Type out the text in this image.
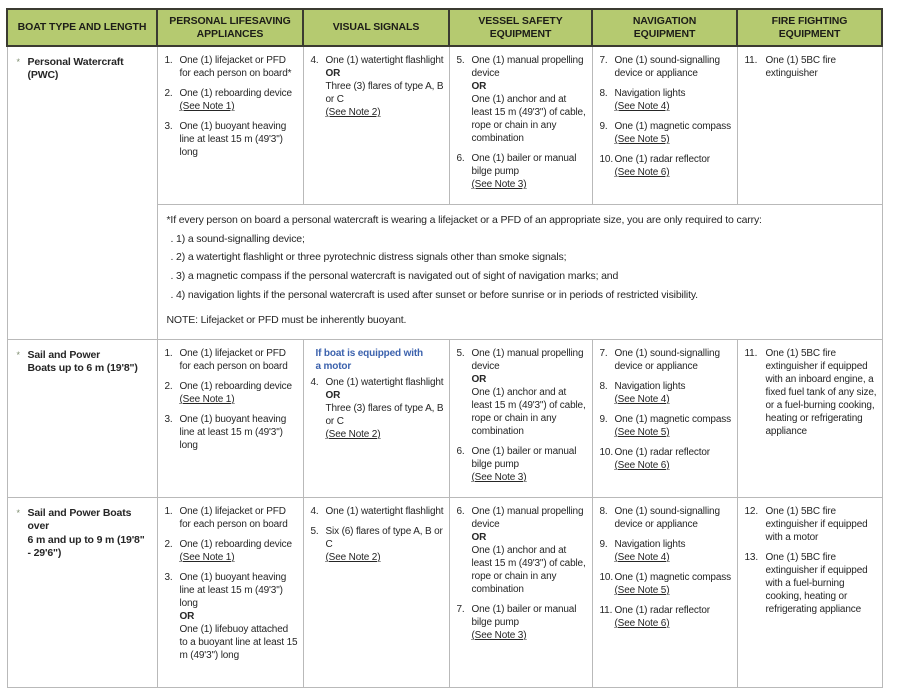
BOAT TYPE AND LENGTH	PERSONAL LIFESAVING APPLIANCES	VISUAL SIGNALS	VESSEL SAFETY EQUIPMENT	NAVIGATION EQUIPMENT	FIRE FIGHTING EQUIPMENT

* Personal Watercraft (PWC)

1. One (1) lifejacket or PFD for each person on board*
2. One (1) reboarding device
(See Note 1)
3. One (1) buoyant heaving line at least 15 m (49'3") long

4. One (1) watertight flashlight
OR
Three (3) flares of type A, B or C
(See Note 2)

5. One (1) manual propelling device
OR
One (1) anchor and at least 15 m (49'3") of cable, rope or chain in any combination
6. One (1) bailer or manual bilge pump
(See Note 3)

7. One (1) sound-signalling device or appliance
8. Navigation lights
(See Note 4)
9. One (1) magnetic compass
(See Note 5)
10. One (1) radar reflector
(See Note 6)

11. One (1) 5BC fire extinguisher

*If every person on board a personal watercraft is wearing a lifejacket or a PFD of an appropriate size, you are only required to carry:
. 1) a sound-signalling device;
. 2) a watertight flashlight or three pyrotechnic distress signals other than smoke signals;
. 3) a magnetic compass if the personal watercraft is navigated out of sight of navigation marks; and
. 4) navigation lights if the personal watercraft is used after sunset or before sunrise or in periods of restricted visibility.
NOTE: Lifejacket or PFD must be inherently buoyant.

* Sail and Power
Boats up to 6 m (19'8")

1. One (1) lifejacket or PFD for each person on board
2. One (1) reboarding device
(See Note 1)
3. One (1) buoyant heaving line at least 15 m (49'3") long

If boat is equipped with
a motor
4. One (1) watertight flashlight
OR
Three (3) flares of type A, B or C
(See Note 2)

5. One (1) manual propelling device
OR
One (1) anchor and at least 15 m (49'3") of cable, rope or chain in any combination
6. One (1) bailer or manual bilge pump
(See Note 3)

7. One (1) sound-signalling device or appliance
8. Navigation lights
(See Note 4)
9. One (1) magnetic compass
(See Note 5)
10. One (1) radar reflector
(See Note 6)

11. One (1) 5BC fire extinguisher if equipped with an inboard engine, a fixed fuel tank of any size, or a fuel-burning cooking, heating or refrigerating appliance

* Sail and Power Boats over
6 m and up to 9 m (19'8"
- 29'6")

1. One (1) lifejacket or PFD for each person on board
2. One (1) reboarding device
(See Note 1)
3. One (1) buoyant heaving line at least 15 m (49'3") long
OR
One (1) lifebuoy attached to a buoyant line at least 15 m (49'3") long

4. One (1) watertight flashlight
5. Six (6) flares of type A, B or C
(See Note 2)

6. One (1) manual propelling device
OR
One (1) anchor and at least 15 m (49'3") of cable, rope or chain in any combination
7. One (1) bailer or manual bilge pump
(See Note 3)

8. One (1) sound-signalling device or appliance
9. Navigation lights
(See Note 4)
10. One (1) magnetic compass
(See Note 5)
11. One (1) radar reflector
(See Note 6)

12. One (1) 5BC fire extinguisher if equipped with a motor
13. One (1) 5BC fire extinguisher if equipped with a fuel-burning cooking, heating or refrigerating appliance
